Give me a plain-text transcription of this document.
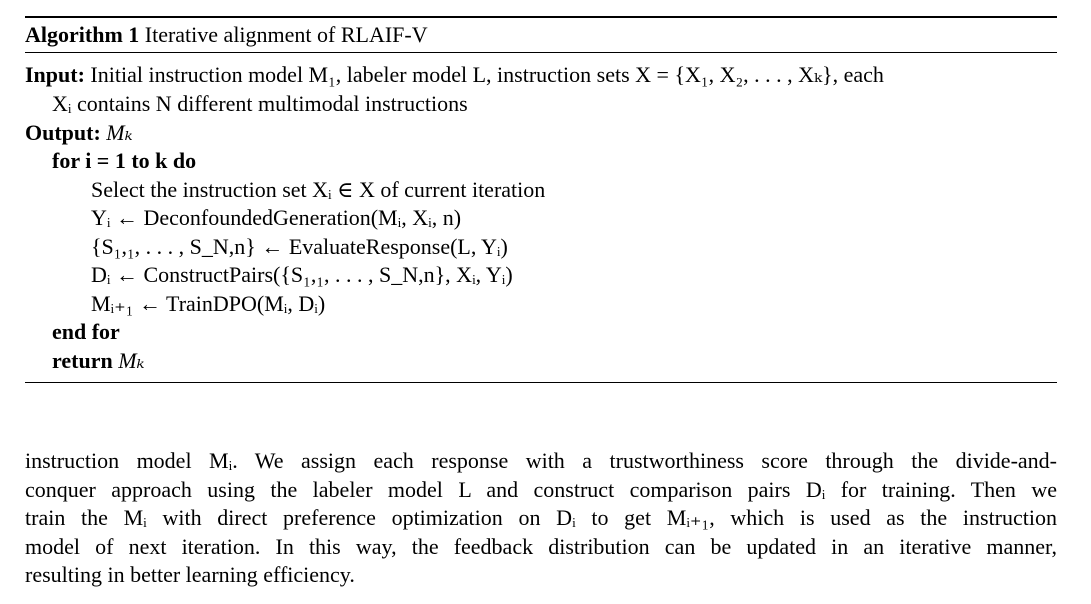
Algorithm 1 Iterative alignment of RLAIF-V
Input: Initial instruction model M₁, labeler model L, instruction sets X = {X₁, X₂, . . . , Xₖ}, each
Xᵢ contains N different multimodal instructions
Output: Mₖ
for i = 1 to k do
Select the instruction set Xᵢ ∈ X of current iteration
Yᵢ ← DeconfoundedGeneration(Mᵢ, Xᵢ, n)
{S₁,₁, . . . , S_N,n} ← EvaluateResponse(L, Yᵢ)
Dᵢ ← ConstructPairs({S₁,₁, . . . , S_N,n}, Xᵢ, Yᵢ)
Mᵢ₊₁ ← TrainDPO(Mᵢ, Dᵢ)
end for
return Mₖ
instruction model Mᵢ. We assign each response with a trustworthiness score through the divide-and-
conquer approach using the labeler model L and construct comparison pairs Dᵢ for training. Then we
train the Mᵢ with direct preference optimization on Dᵢ to get Mᵢ₊₁, which is used as the instruction
model of next iteration. In this way, the feedback distribution can be updated in an iterative manner,
resulting in better learning efficiency.
